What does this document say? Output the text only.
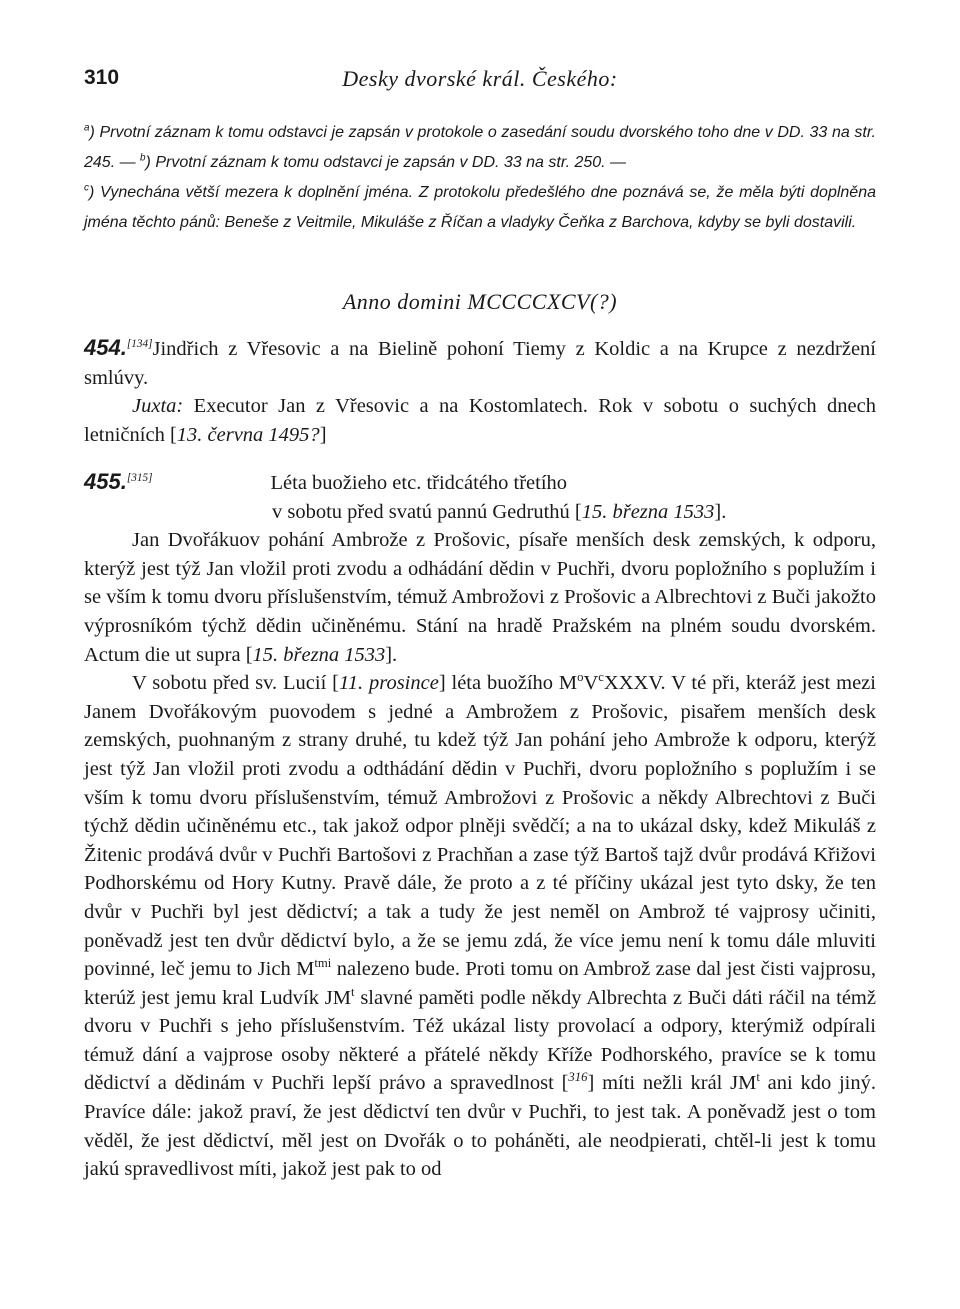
310	Desky dvorské král. Českého:

$^a$) Prvotní záznam k tomu odstavci je zapsán v protokole o zasedání soudu dvorského toho dne v DD. 33 na str. 245. — $^b$) Prvotní záznam k tomu odstavci je zapsán v DD. 33 na str. 250. —
$^c$) Vynechána větší mezera k doplnění jména. Z protokolu předešlého dne poznává se, že měla býti doplněna jména těchto pánů: Beneše z Veitmile, Mikuláše z Říčan a vladyky Čeňka z Barchova, kdyby se byli dostavili.

Anno domini MCCCCXCV(?)

454.[134]Jindřich z Vřesovic a na Bielině pohoní Tiemy z Koldic a na Krupce z nezdržení smlúvy.

Juxta: Executor Jan z Vřesovic a na Kostomlatech. Rok v sobotu o suchých dnech letničních [13. června 1495?]

455.[315]	Léta buožieho etc. třidcátého třetího

v sobotu před svatú pannú Gedruthú [15. března 1533].

Jan Dvořákuov pohání Ambrože z Prošovic, písaře menších desk zemských, k odporu, kterýž jest týž Jan vložil proti zvodu a odhádání dědin v Puchři, dvoru popložního s poplužím i se vším k tomu dvoru příslušenstvím, témuž Ambrožovi z Prošovic a Albrechtovi z Buči jakožto výprosníkóm týchž dědin učiněnému. Stání na hradě Pražském na plném soudu dvorském. Actum die ut supra [15. března 1533].

V sobotu před sv. Lucií [11. prosince] léta buožího $M^oV^cXXXV$. V té při, kteráž jest mezi Janem Dvořákovým puovodem s jedné a Ambrožem z Prošovic, pisařem menších desk zemských, puohnaným z strany druhé, tu kdež týž Jan pohání jeho Ambrože k odporu, kterýž jest týž Jan vložil proti zvodu a odthádání dědin v Puchři, dvoru popložního s poplužím i se vším k tomu dvoru příslušenstvím, témuž Ambrožovi z Prošovic a někdy Albrechtovi z Buči týchž dědin učiněnému etc., tak jakož odpor plněji svědčí; a na to ukázal dsky, kdež Mikuláš z Žitenic prodává dvůr v Puchři Bartošovi z Prachňan a zase týž Bartoš tajž dvůr prodává Křižovi Podhorskému od Hory Kutny. Pravě dále, že proto a z té příčiny ukázal jest tyto dsky, že ten dvůr v Puchři byl jest dědictví; a tak a tudy že jest neměl on Ambrož té vajprosy učiniti, poněvadž jest ten dvůr dědictví bylo, a že se jemu zdá, že více jemu není k tomu dále mluviti povinné, leč jemu to Jich $M^{tmi}$ nalezeno bude. Proti tomu on Ambrož zase dal jest čisti vajprosu, kterúž jest jemu kral Ludvík $JM^t$ slavné paměti podle někdy Albrechta z Buči dáti ráčil na témž dvoru v Puchři s jeho příslušenstvím. Též ukázal listy provolací a odpory, kterýmiž odpírali témuž dání a vajprose osoby některé a přátelé někdy Kříže Podhorského, pravíce se k tomu dědictví a dědinám v Puchři lepší právo a spravedlnost [$^{316}$] míti nežli král $JM^t$ ani kdo jiný. Pravíce dále: jakož praví, že jest dědictví ten dvůr v Puchři, to jest tak. A poněvadž jest o tom věděl, že jest dědictví, měl jest on Dvořák o to poháněti, ale neodpierati, chtěl-li jest k tomu jakú spravedlivost míti, jakož jest pak to od
